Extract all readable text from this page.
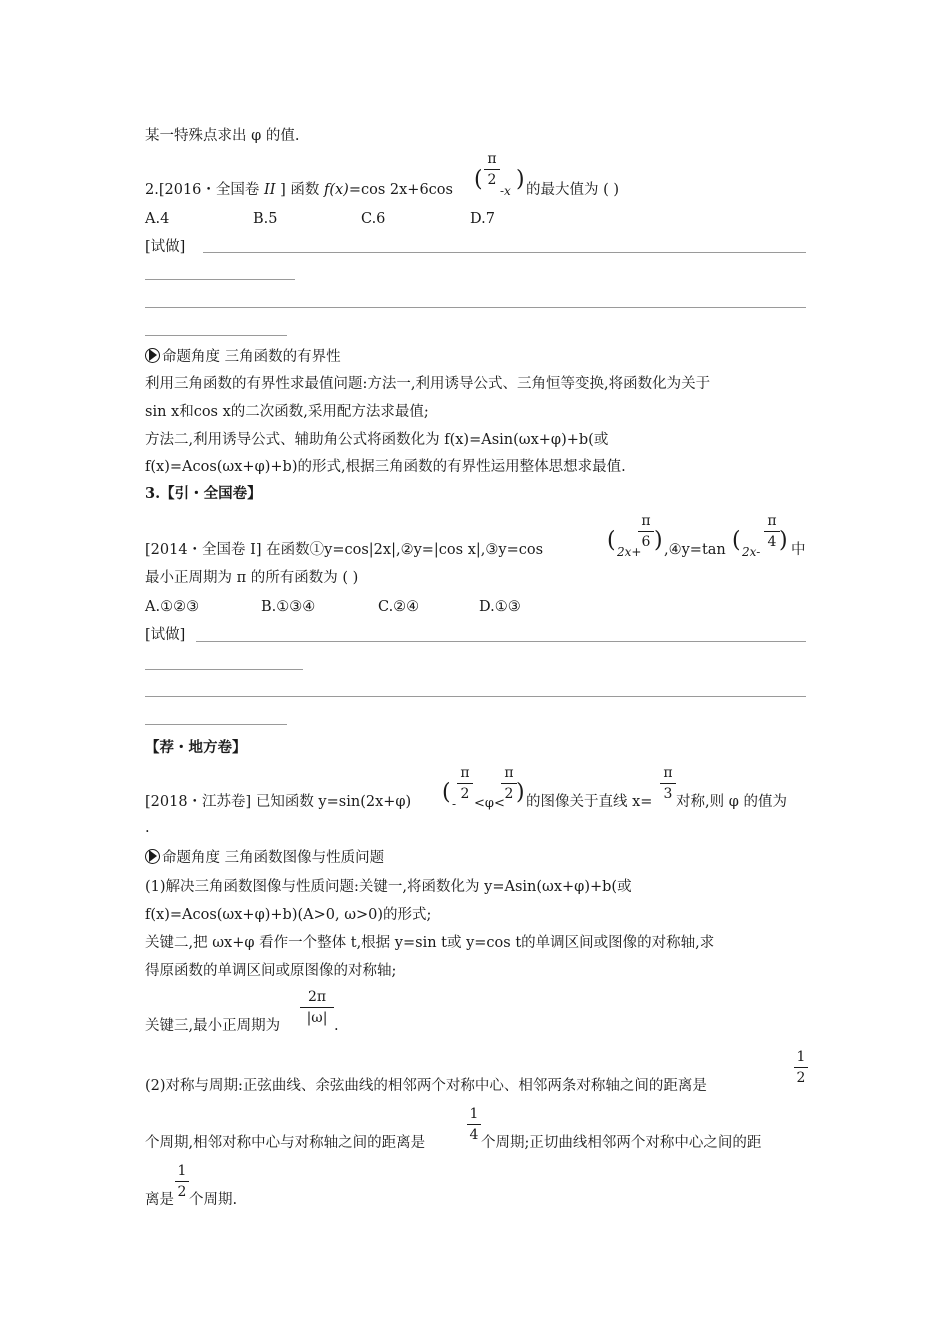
某一特殊点求出 φ 的值.
2.[2016・全国卷 II ] 函数 f(x)=cos 2x+6cos (
π
2
-x ) 的最大值为 ( )
A.4	B.5	C.6	D.7
[试做]
命题角度 三角函数的有界性
利用三角函数的有界性求最值问题:方法一,利用诱导公式、三角恒等变换,将函数化为关于
sin x和cos x的二次函数,采用配方法求最值;
方法二,利用诱导公式、辅助角公式将函数化为 f(x)=Asin(ωx+φ)+b(或
f(x)=Acos(ωx+φ)+b)的形式,根据三角函数的有界性运用整体思想求最值.
3.【引・全国卷】
[2014・全国卷 I] 在函数①y=cos|2x|,②y=|cos x|,③y=cos	( 2x+
π
6 ) ,④y=tan ( 2x-
π
4 ) 中
最小正周期为 π 的所有函数为 ( )
A.①②③	B.①③④	C.②④	D.①③
[试做]
【荐・地方卷】
[2018・江苏卷] 已知函数 y=sin(2x+φ) ( -
π
2
<φ<
π
2 ) 的图像关于直线 x=
π
3 对称,则 φ 的值为
.
命题角度 三角函数图像与性质问题
(1)解决三角函数图像与性质问题:关键一,将函数化为 y=Asin(ωx+φ)+b(或
f(x)=Acos(ωx+φ)+b)(A>0, ω>0)的形式;
关键二,把 ωx+φ 看作一个整体 t,根据 y=sin t或 y=cos t的单调区间或图像的对称轴,求
得原函数的单调区间或原图像的对称轴;
关键三,最小正周期为
2π
|ω| .
(2)对称与周期:正弦曲线、余弦曲线的相邻两个对称中心、相邻两条对称轴之间的距离是
1
2
个周期,相邻对称中心与对称轴之间的距离是
1
4 个周期;正切曲线相邻两个对称中心之间的距
离是
1
2 个周期.
